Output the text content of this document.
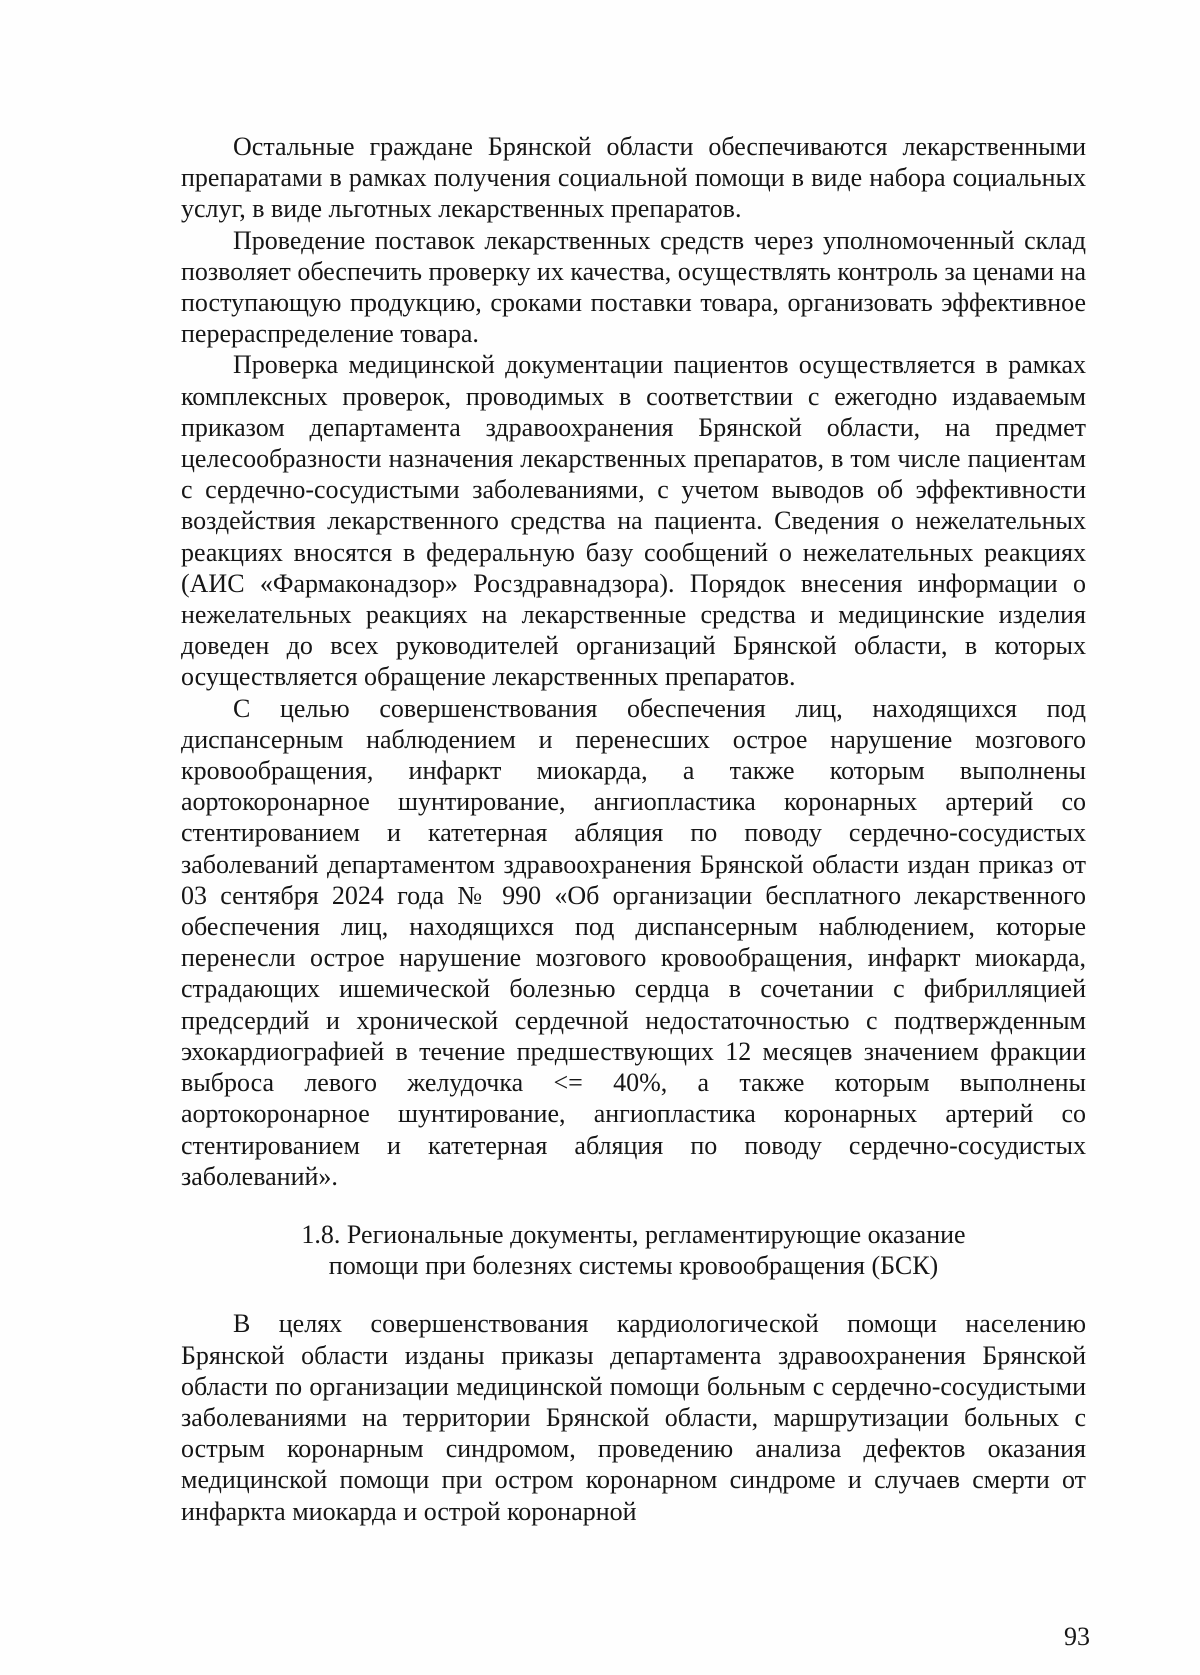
Остальные граждане Брянской области обеспечиваются лекарственными препаратами в рамках получения социальной помощи в виде набора социальных услуг, в виде льготных лекарственных препаратов.

Проведение поставок лекарственных средств через уполномоченный склад позволяет обеспечить проверку их качества, осуществлять контроль за ценами на поступающую продукцию, сроками поставки товара, организовать эффективное перераспределение товара.

Проверка медицинской документации пациентов осуществляется в рамках комплексных проверок, проводимых в соответствии с ежегодно издаваемым приказом департамента здравоохранения Брянской области, на предмет целесообразности назначения лекарственных препаратов, в том числе пациентам с сердечно-сосудистыми заболеваниями, с учетом выводов об эффективности воздействия лекарственного средства на пациента. Сведения о нежелательных реакциях вносятся в федеральную базу сообщений о нежелательных реакциях (АИС «Фармаконадзор» Росздравнадзора). Порядок внесения информации о нежелательных реакциях на лекарственные средства и медицинские изделия доведен до всех руководителей организаций Брянской области, в которых осуществляется обращение лекарственных препаратов.

С целью совершенствования обеспечения лиц, находящихся под диспансерным наблюдением и перенесших острое нарушение мозгового кровообращения, инфаркт миокарда, а также которым выполнены аортокоронарное шунтирование, ангиопластика коронарных артерий со стентированием и катетерная абляция по поводу сердечно-сосудистых заболеваний департаментом здравоохранения Брянской области издан приказ от 03 сентября 2024 года № 990 «Об организации бесплатного лекарственного обеспечения лиц, находящихся под диспансерным наблюдением, которые перенесли острое нарушение мозгового кровообращения, инфаркт миокарда, страдающих ишемической болезнью сердца в сочетании с фибрилляцией предсердий и хронической сердечной недостаточностью с подтвержденным эхокардиографией в течение предшествующих 12 месяцев значением фракции выброса левого желудочка <= 40%, а также которым выполнены аортокоронарное шунтирование, ангиопластика коронарных артерий со стентированием и катетерная абляция по поводу сердечно-сосудистых заболеваний».

1.8. Региональные документы, регламентирующие оказание
помощи при болезнях системы кровообращения (БСК)

В целях совершенствования кардиологической помощи населению Брянской области изданы приказы департамента здравоохранения Брянской области по организации медицинской помощи больным с сердечно-сосудистыми заболеваниями на территории Брянской области, маршрутизации больных с острым коронарным синдромом, проведению анализа дефектов оказания медицинской помощи при остром коронарном синдроме и случаев смерти от инфаркта миокарда и острой коронарной

93
